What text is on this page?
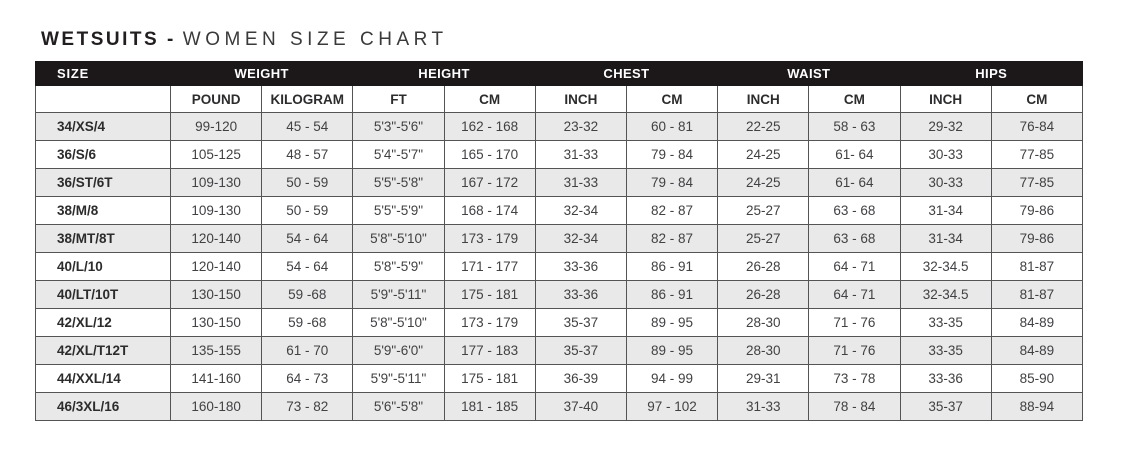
WETSUITS - WOMEN SIZE CHART
SIZE	WEIGHT		HEIGHT		CHEST		WAIST		HIPS	
	POUND	KILOGRAM	FT	CM	INCH	CM	INCH	CM	INCH	CM
34/XS/4	99-120	45 - 54	5'3"-5'6"	162 - 168	23-32	60 - 81	22-25	58 - 63	29-32	76-84
36/S/6	105-125	48 - 57	5'4"-5'7"	165 - 170	31-33	79 - 84	24-25	61- 64	30-33	77-85
36/ST/6T	109-130	50 - 59	5'5"-5'8"	167 - 172	31-33	79 - 84	24-25	61- 64	30-33	77-85
38/M/8	109-130	50 - 59	5'5"-5'9"	168 - 174	32-34	82 - 87	25-27	63 - 68	31-34	79-86
38/MT/8T	120-140	54 - 64	5'8"-5'10"	173 - 179	32-34	82 - 87	25-27	63 - 68	31-34	79-86
40/L/10	120-140	54 - 64	5'8"-5'9"	171 - 177	33-36	86 - 91	26-28	64 - 71	32-34.5	81-87
40/LT/10T	130-150	59 -68	5'9"-5'11"	175 - 181	33-36	86 - 91	26-28	64 - 71	32-34.5	81-87
42/XL/12	130-150	59 -68	5'8"-5'10"	173 - 179	35-37	89 - 95	28-30	71 - 76	33-35	84-89
42/XL/T12T	135-155	61 - 70	5'9"-6'0"	177 - 183	35-37	89 - 95	28-30	71 - 76	33-35	84-89
44/XXL/14	141-160	64 - 73	5'9"-5'11"	175 - 181	36-39	94 - 99	29-31	73 - 78	33-36	85-90
46/3XL/16	160-180	73 - 82	5'6"-5'8"	181 - 185	37-40	97 - 102	31-33	78 - 84	35-37	88-94
